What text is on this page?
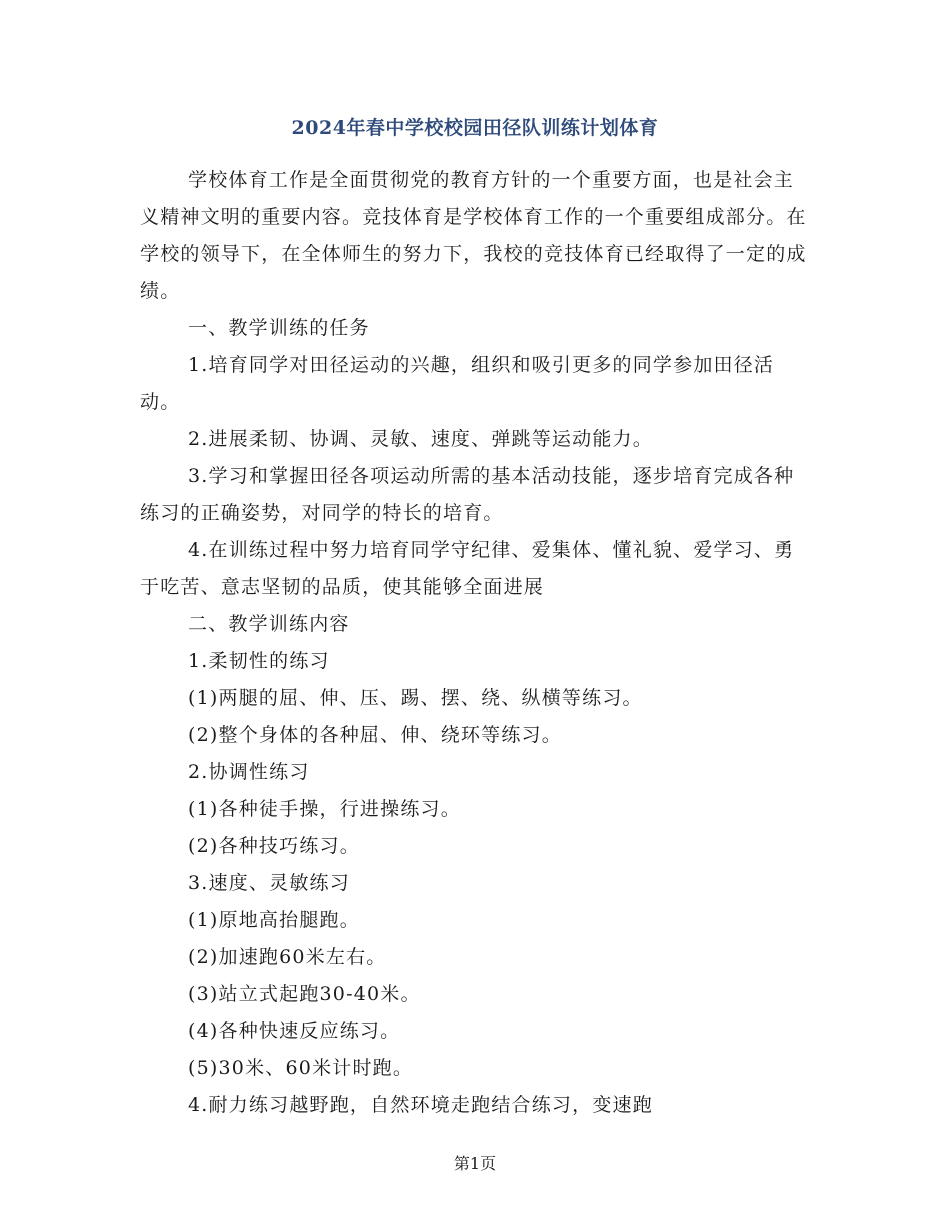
2024年春中学校校园田径队训练计划体育

学校体育工作是全面贯彻党的教育方针的一个重要方面，也是社会主义精神文明的重要内容。竞技体育是学校体育工作的一个重要组成部分。在学校的领导下，在全体师生的努力下，我校的竞技体育已经取得了一定的成绩。

一、教学训练的任务

1.培育同学对田径运动的兴趣，组织和吸引更多的同学参加田径活动。

2.进展柔韧、协调、灵敏、速度、弹跳等运动能力。

3.学习和掌握田径各项运动所需的基本活动技能，逐步培育完成各种练习的正确姿势，对同学的特长的培育。

4.在训练过程中努力培育同学守纪律、爱集体、懂礼貌、爱学习、勇于吃苦、意志坚韧的品质，使其能够全面进展

二、教学训练内容

1.柔韧性的练习

(1)两腿的屈、伸、压、踢、摆、绕、纵横等练习。

(2)整个身体的各种屈、伸、绕环等练习。

2.协调性练习

(1)各种徒手操，行进操练习。

(2)各种技巧练习。

3.速度、灵敏练习

(1)原地高抬腿跑。

(2)加速跑60米左右。

(3)站立式起跑30-40米。

(4)各种快速反应练习。

(5)30米、60米计时跑。

4.耐力练习越野跑，自然环境走跑结合练习，变速跑

第1页
